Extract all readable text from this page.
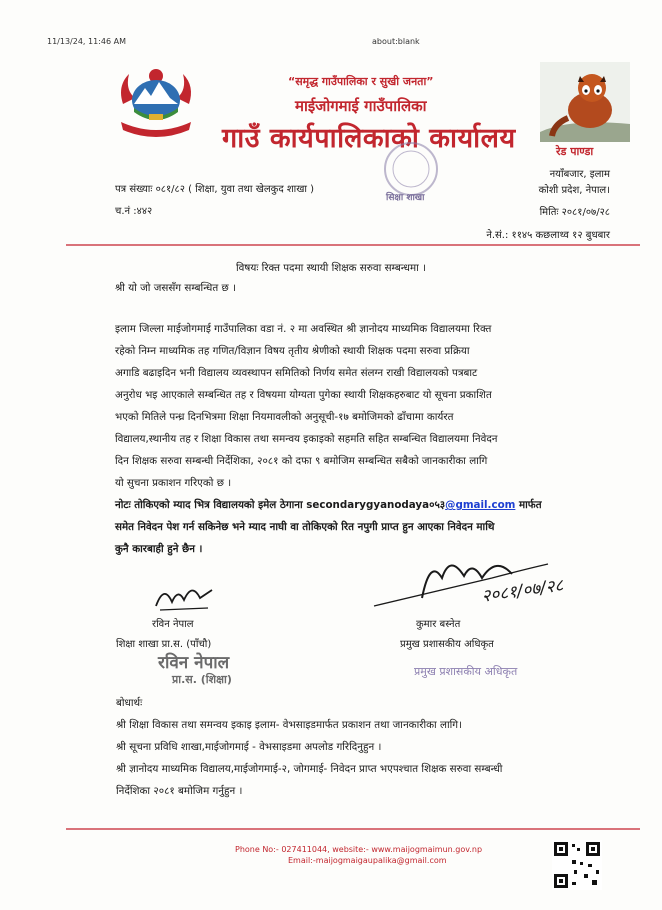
11/13/24, 11:46 AM	about:blank
“समृद्ध गाउँपालिका र सुखी जनता”
माईजोगमाई गाउँपालिका
गाउँ कार्यपालिकाको कार्यालय
सिक्षा शाखा
रेड पाण्डा
पत्र संख्याः ०८१/८२ ( शिक्षा, युवा तथा खेलकुद शाखा )
च.नं :४४२
नयाँबजार, इलाम
कोशी प्रदेश, नेपाल।
मितिः २०८१/०७/२८
ने.सं.: ११४५ कछलाथ्व १२ बुधबार
विषयः रिक्त पदमा स्थायी शिक्षक सरुवा सम्बन्धमा ।
श्री यो जो जससँग सम्बन्धित छ ।
इलाम जिल्ला माईजोगमाई गाउँपालिका वडा नं. २ मा अवस्थित श्री ज्ञानोदय माध्यमिक विद्यालयमा रिक्त
रहेको निम्न माध्यमिक तह गणित/विज्ञान विषय तृतीय श्रेणीको स्थायी शिक्षक पदमा सरुवा प्रक्रिया
अगाडि बढाइदिन भनी विद्यालय व्यवस्थापन समितिको निर्णय समेत संलग्न राखी विद्यालयको पत्रबाट
अनुरोध भइ आएकाले सम्बन्धित तह र विषयमा योग्यता पुगेका स्थायी शिक्षकहरुबाट यो सूचना प्रकाशित
भएको मितिले पन्ध्र दिनभित्रमा शिक्षा नियमावलीको अनुसूची-१७ बमोजिमको ढाँचामा कार्यरत
विद्यालय,स्थानीय तह र शिक्षा विकास तथा समन्वय इकाइको सहमति सहित सम्बन्धित विद्यालयमा निवेदन
दिन शिक्षक सरुवा सम्बन्धी निर्देशिका, २०८१ को दफा ९ बमोजिम सम्बन्धित सबैको जानकारीका लागि
यो सुचना प्रकाशन गरिएको छ ।
नोटः तोकिएको म्याद भित्र विद्यालयको इमेल ठेगाना secondarygyanodaya०५३@gmail.com मार्फत
समेत निवेदन पेश गर्न सकिनेछ भने म्याद नाघी वा तोकिएको रित नपुगी प्राप्त हुन आएका निवेदन माथि
कुनै कारबाही हुने छैन ।
रविन नेपाल
शिक्षा शाखा प्रा.स. (पाँचौ)
रविन नेपाल
प्रा.स. (शिक्षा)
२०८१/०७/२८
कुमार बस्नेत
प्रमुख प्रशासकीय अधिकृत
प्रमुख प्रशासकीय अधिकृत
बोधार्थः
श्री शिक्षा विकास तथा समन्वय इकाइ इलाम- वेभसाइडमार्फत प्रकाशन तथा जानकारीका लागि।
श्री सूचना प्रविधि शाखा,माईजोगमाई - वेभसाइडमा अपलोड गरिदिनुहुन ।
श्री ज्ञानोदय माध्यमिक विद्यालय,माईजोगमाई-२, जोगमाई- निवेदन प्राप्त भएपश्चात शिक्षक सरुवा सम्बन्धी
निर्देशिका २०८१ बमोजिम गर्नुहुन ।
Phone No:- 027411044, website:- www.maijogmaimun.gov.np
Email:-maijogmaigaupalika@gmail.com
